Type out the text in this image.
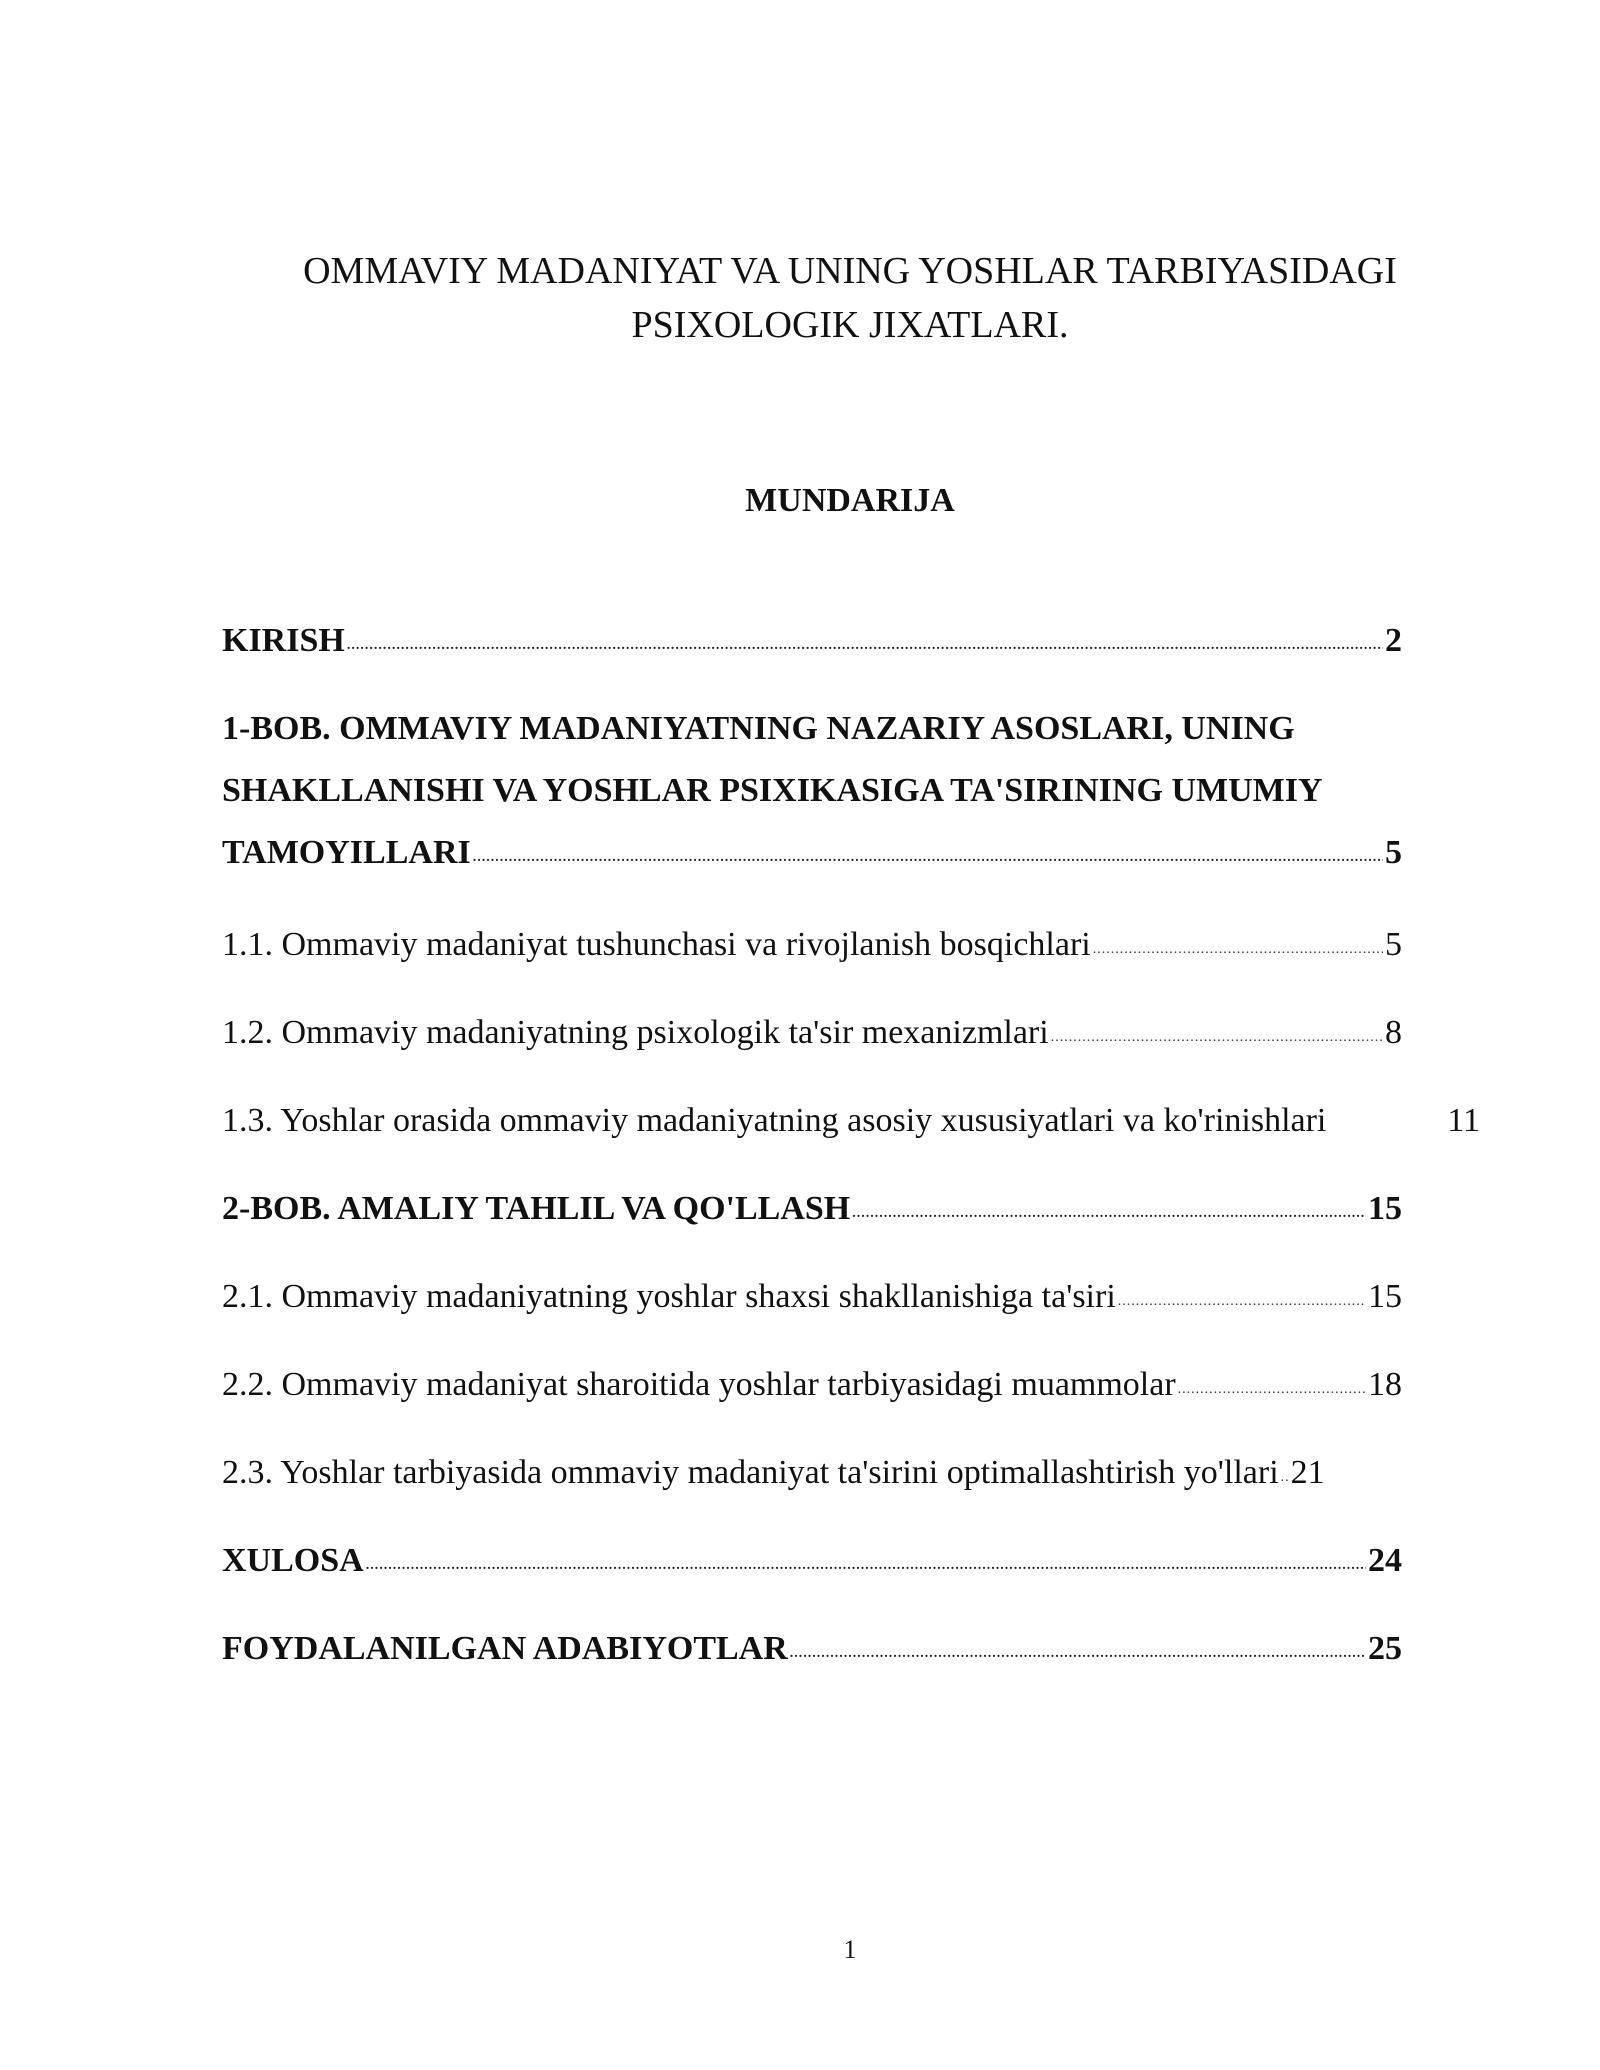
OMMAVIY MADANIYAT VA UNING YOSHLAR TARBIYASIDAGI
PSIXOLOGIK JIXATLARI.
MUNDARIJA
KIRISH .....	2
1-BOB. OMMAVIY MADANIYATNING NAZARIY ASOSLARI, UNING
SHAKLLANISHI VA YOSHLAR PSIXIKASIGA TA'SIRINING UMUMIY
TAMOYILLARI .....	5
1.1. Ommaviy madaniyat tushunchasi va rivojlanish bosqichlari .....	5
1.2. Ommaviy madaniyatning psixologik ta'sir mexanizmlari .....	8
1.3. Yoshlar orasida ommaviy madaniyatning asosiy xususiyatlari va ko'rinishlari	11
2-BOB. AMALIY TAHLIL VA QO'LLASH .....	15
2.1. Ommaviy madaniyatning yoshlar shaxsi shakllanishiga ta'siri .....	15
2.2. Ommaviy madaniyat sharoitida yoshlar tarbiyasidagi muammolar .....	18
2.3. Yoshlar tarbiyasida ommaviy madaniyat ta'sirini optimallashtirish yo'llari ..... 21
XULOSA .....	24
FOYDALANILGAN ADABIYOTLAR .....	25
1
